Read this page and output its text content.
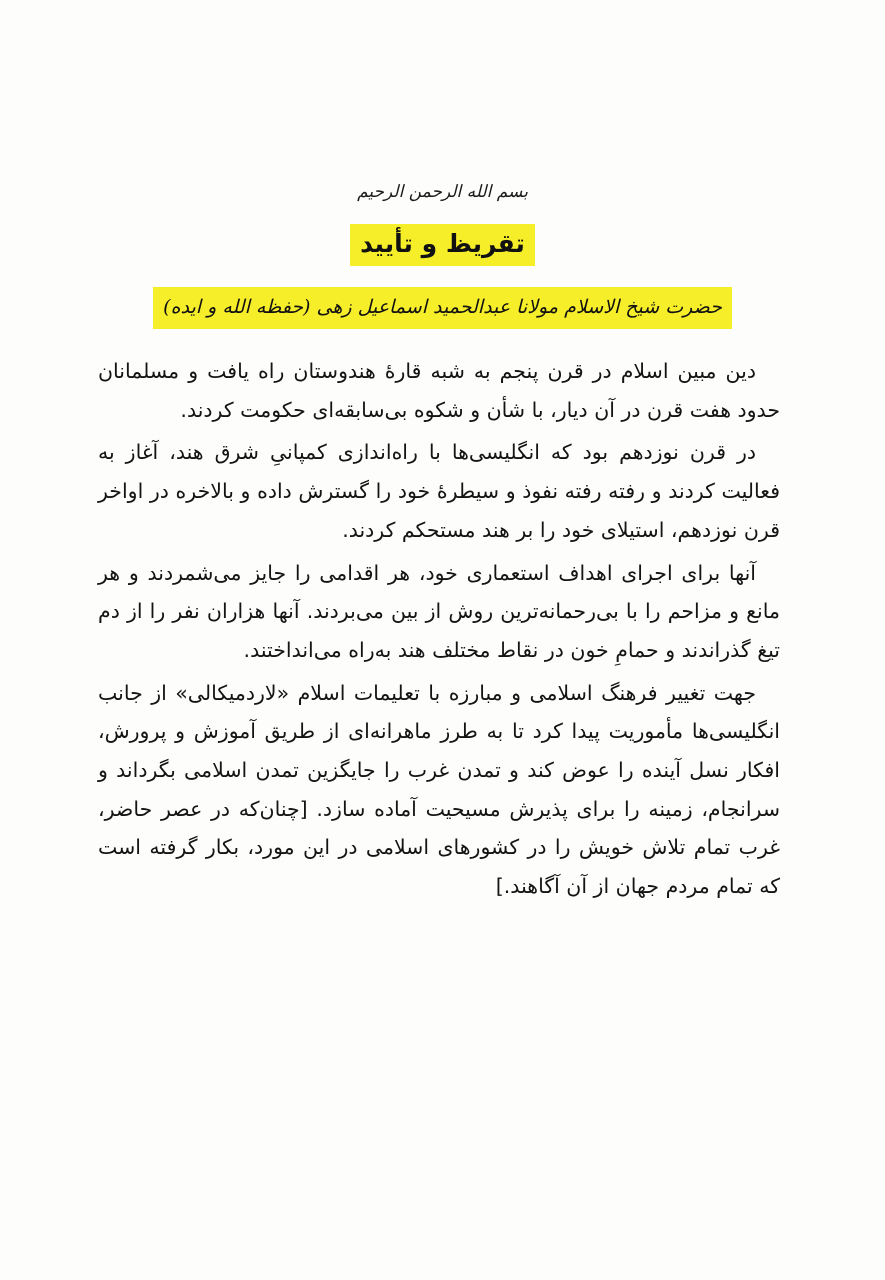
بسم الله الرحمن الرحیم
تقریظ و تأیید
حضرت شیخ الاسلام مولانا عبدالحمید اسماعیل زهی (حفظه الله و ایده)

دین مبین اسلام در قرن پنجم به شبه قارهٔ هندوستان راه یافت و مسلمانان حدود هفت قرن در آن دیار، با شأن و شکوه بی‌سابقه‌ای حکومت کردند.

در قرن نوزدهم بود که انگلیسی‌ها با راه‌اندازی کمپانیِ شرق هند، آغاز به فعالیت کردند و رفته رفته نفوذ و سیطرهٔ خود را گسترش داده و بالاخره در اواخر قرن نوزدهم، استیلای خود را بر هند مستحکم کردند.

آنها برای اجرای اهداف استعماری خود، هر اقدامی را جایز می‌شمردند و هر مانع و مزاحم را با بی‌رحمانه‌ترین روش از بین می‌بردند. آنها هزاران نفر را از دم تیغ گذراندند و حمامِ خون در نقاط مختلف هند به‌راه می‌انداختند.

جهت تغییر فرهنگ اسلامی و مبارزه با تعلیمات اسلام «لاردمیکالی» از جانب انگلیسی‌ها مأموریت پیدا کرد تا به طرز ماهرانه‌ای از طریق آموزش و پرورش، افکار نسل آینده را عوض کند و تمدن غرب را جایگزین تمدن اسلامی بگرداند و سرانجام، زمینه را برای پذیرش مسیحیت آماده سازد. [چنان‌که در عصر حاضر، غرب تمام تلاش خویش را در کشورهای اسلامی در این مورد، بکار گرفته است که تمام مردم جهان از آن آگاهند.]
